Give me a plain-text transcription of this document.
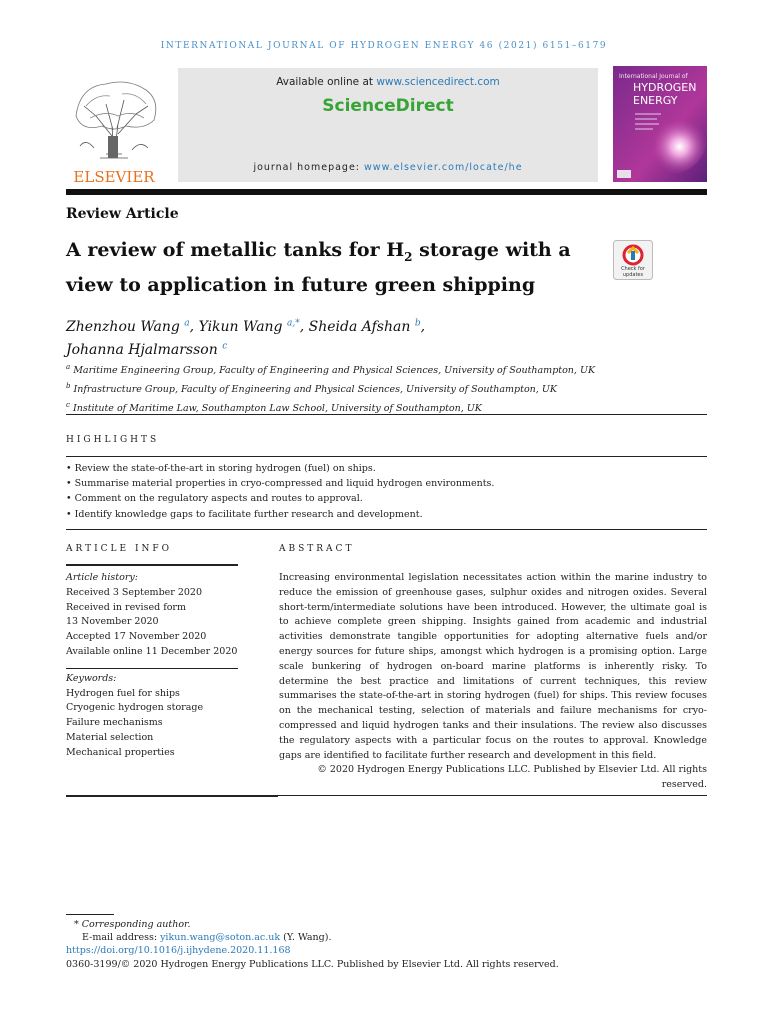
INTERNATIONAL JOURNAL OF HYDROGEN ENERGY 46 (2021) 6151–6179
ELSEVIER
Available online at www.sciencedirect.com
ScienceDirect
journal homepage: www.elsevier.com/locate/he
International Journal of
HYDROGEN
ENERGY
Review Article
A review of metallic tanks for $H_2$ storage with a view to application in future green shipping
Check for
updates
Zhenzhou Wang $^a$, Yikun Wang $^{a,*}$, Sheida Afshan $^b$,
Johanna Hjalmarsson $^c$
$^a$ Maritime Engineering Group, Faculty of Engineering and Physical Sciences, University of Southampton, UK
$^b$ Infrastructure Group, Faculty of Engineering and Physical Sciences, University of Southampton, UK
$^c$ Institute of Maritime Law, Southampton Law School, University of Southampton, UK
HIGHLIGHTS
• Review the state-of-the-art in storing hydrogen (fuel) on ships.
• Summarise material properties in cryo-compressed and liquid hydrogen environments.
• Comment on the regulatory aspects and routes to approval.
• Identify knowledge gaps to facilitate further research and development.
ARTICLE INFO
Article history:
Received 3 September 2020
Received in revised form
13 November 2020
Accepted 17 November 2020
Available online 11 December 2020
Keywords:
Hydrogen fuel for ships
Cryogenic hydrogen storage
Failure mechanisms
Material selection
Mechanical properties
ABSTRACT
Increasing environmental legislation necessitates action within the marine industry to reduce the emission of greenhouse gases, sulphur oxides and nitrogen oxides. Several short-term/intermediate solutions have been introduced. However, the ultimate goal is to achieve complete green shipping. Insights gained from academic and industrial activities demonstrate tangible opportunities for adopting alternative fuels and/or energy sources for future ships, amongst which hydrogen is a promising option. Large scale bunkering of hydrogen on-board marine platforms is inherently risky. To determine the best practice and limitations of current techniques, this review summarises the state-of-the-art in storing hydrogen (fuel) for ships. This review focuses on the mechanical testing, selection of materials and failure mechanisms for cryo-compressed and liquid hydrogen tanks and their insulations. The review also discusses the regulatory aspects with a particular focus on the routes to approval. Knowledge gaps are identified to facilitate further research and development in this field.
© 2020 Hydrogen Energy Publications LLC. Published by Elsevier Ltd. All rights reserved.
* Corresponding author.
E-mail address: yikun.wang@soton.ac.uk (Y. Wang).
https://doi.org/10.1016/j.ijhydene.2020.11.168
0360-3199/© 2020 Hydrogen Energy Publications LLC. Published by Elsevier Ltd. All rights reserved.
